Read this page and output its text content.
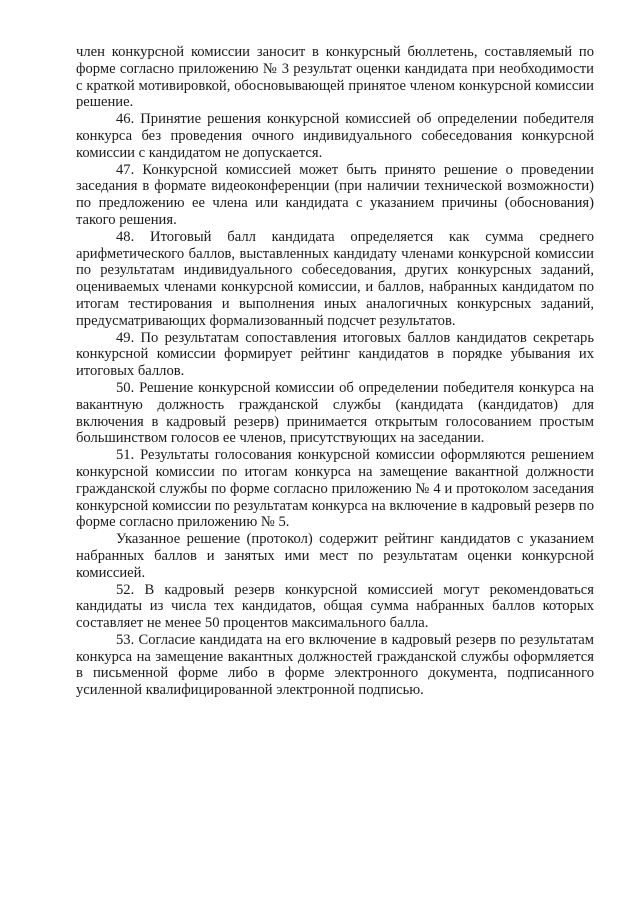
член конкурсной комиссии заносит в конкурсный бюллетень, составляемый по форме согласно приложению № 3 результат оценки кандидата при необходимости с краткой мотивировкой, обосновывающей принятое членом конкурсной комиссии решение.

46. Принятие решения конкурсной комиссией об определении победителя конкурса без проведения очного индивидуального собеседования конкурсной комиссии с кандидатом не допускается.

47. Конкурсной комиссией может быть принято решение о проведении заседания в формате видеоконференции (при наличии технической возможности) по предложению ее члена или кандидата с указанием причины (обоснования) такого решения.

48. Итоговый балл кандидата определяется как сумма среднего арифметического баллов, выставленных кандидату членами конкурсной комиссии по результатам индивидуального собеседования, других конкурсных заданий, оцениваемых членами конкурсной комиссии, и баллов, набранных кандидатом по итогам тестирования и выполнения иных аналогичных конкурсных заданий, предусматривающих формализованный подсчет результатов.

49. По результатам сопоставления итоговых баллов кандидатов секретарь конкурсной комиссии формирует рейтинг кандидатов в порядке убывания их итоговых баллов.

50. Решение конкурсной комиссии об определении победителя конкурса на вакантную должность гражданской службы (кандидата (кандидатов) для включения в кадровый резерв) принимается открытым голосованием простым большинством голосов ее членов, присутствующих на заседании.

51. Результаты голосования конкурсной комиссии оформляются решением конкурсной комиссии по итогам конкурса на замещение вакантной должности гражданской службы по форме согласно приложению № 4 и протоколом заседания конкурсной комиссии по результатам конкурса на включение в кадровый резерв по форме согласно приложению № 5.

Указанное решение (протокол) содержит рейтинг кандидатов с указанием набранных баллов и занятых ими мест по результатам оценки конкурсной комиссией.

52. В кадровый резерв конкурсной комиссией могут рекомендоваться кандидаты из числа тех кандидатов, общая сумма набранных баллов которых составляет не менее 50 процентов максимального балла.

53. Согласие кандидата на его включение в кадровый резерв по результатам конкурса на замещение вакантных должностей гражданской службы оформляется в письменной форме либо в форме электронного документа, подписанного усиленной квалифицированной электронной подписью.
